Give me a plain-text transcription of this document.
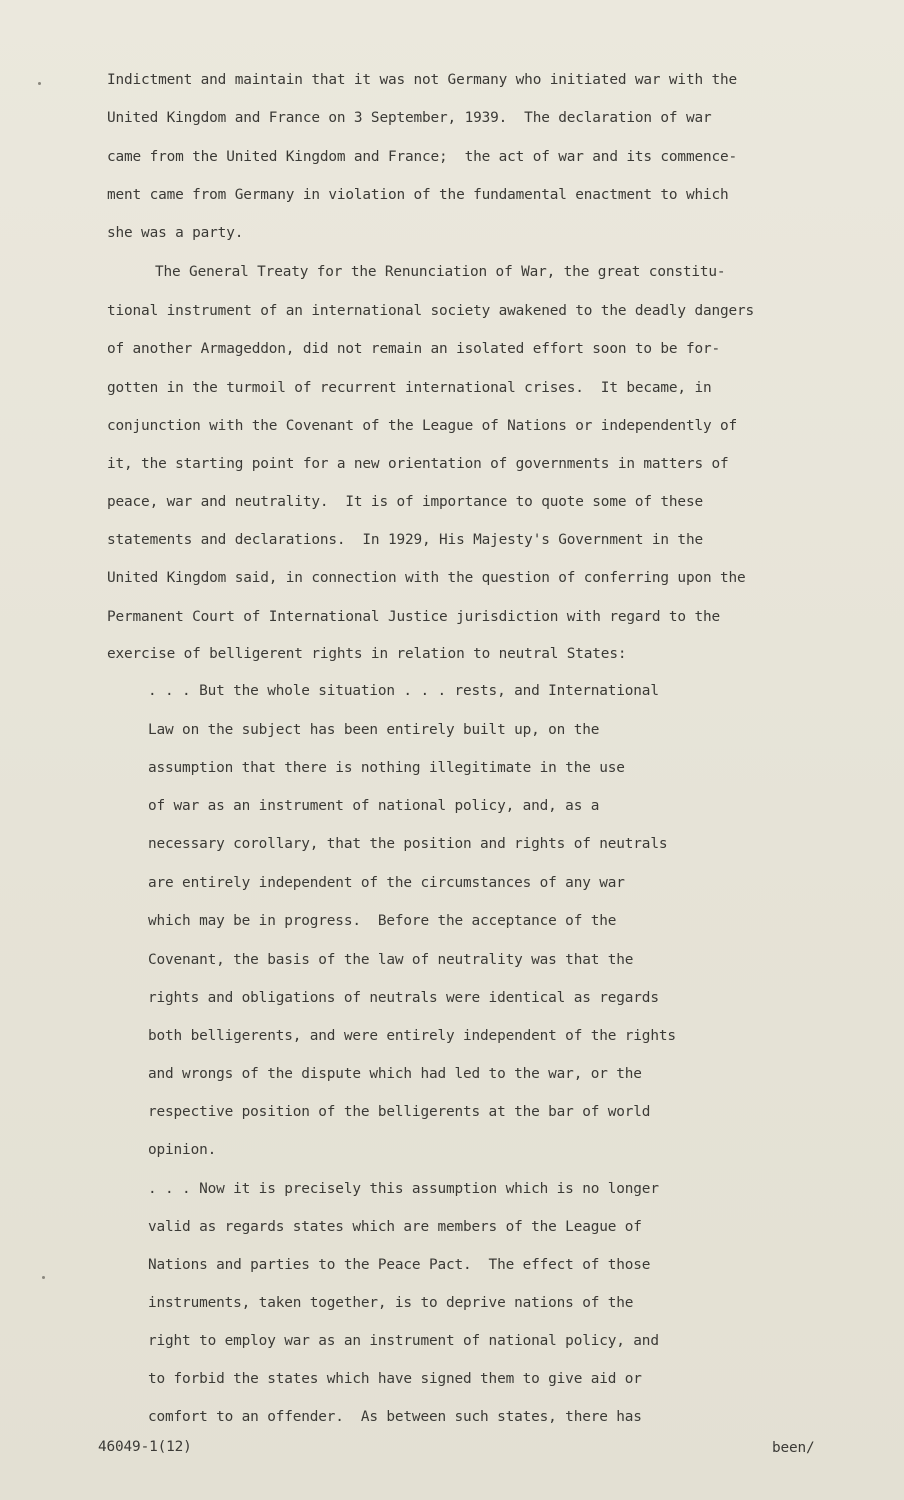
Indictment and maintain that it was not Germany who initiated war with the
United Kingdom and France on 3 September, 1939.  The declaration of war
came from the United Kingdom and France;  the act of war and its commence-
ment came from Germany in violation of the fundamental enactment to which
she was a party.
The General Treaty for the Renunciation of War, the great constitu-
tional instrument of an international society awakened to the deadly dangers
of another Armageddon, did not remain an isolated effort soon to be for-
gotten in the turmoil of recurrent international crises.  It became, in
conjunction with the Covenant of the League of Nations or independently of
it, the starting point for a new orientation of governments in matters of
peace, war and neutrality.  It is of importance to quote some of these
statements and declarations.  In 1929, His Majesty's Government in the
United Kingdom said, in connection with the question of conferring upon the
Permanent Court of International Justice jurisdiction with regard to the
exercise of belligerent rights in relation to neutral States:
. . . But the whole situation . . . rests, and International
Law on the subject has been entirely built up, on the
assumption that there is nothing illegitimate in the use
of war as an instrument of national policy, and, as a
necessary corollary, that the position and rights of neutrals
are entirely independent of the circumstances of any war
which may be in progress.  Before the acceptance of the
Covenant, the basis of the law of neutrality was that the
rights and obligations of neutrals were identical as regards
both belligerents, and were entirely independent of the rights
and wrongs of the dispute which had led to the war, or the
respective position of the belligerents at the bar of world
opinion.
. . . Now it is precisely this assumption which is no longer
valid as regards states which are members of the League of
Nations and parties to the Peace Pact.  The effect of those
instruments, taken together, is to deprive nations of the
right to employ war as an instrument of national policy, and
to forbid the states which have signed them to give aid or
comfort to an offender.  As between such states, there has
46049-1(12)	been/
